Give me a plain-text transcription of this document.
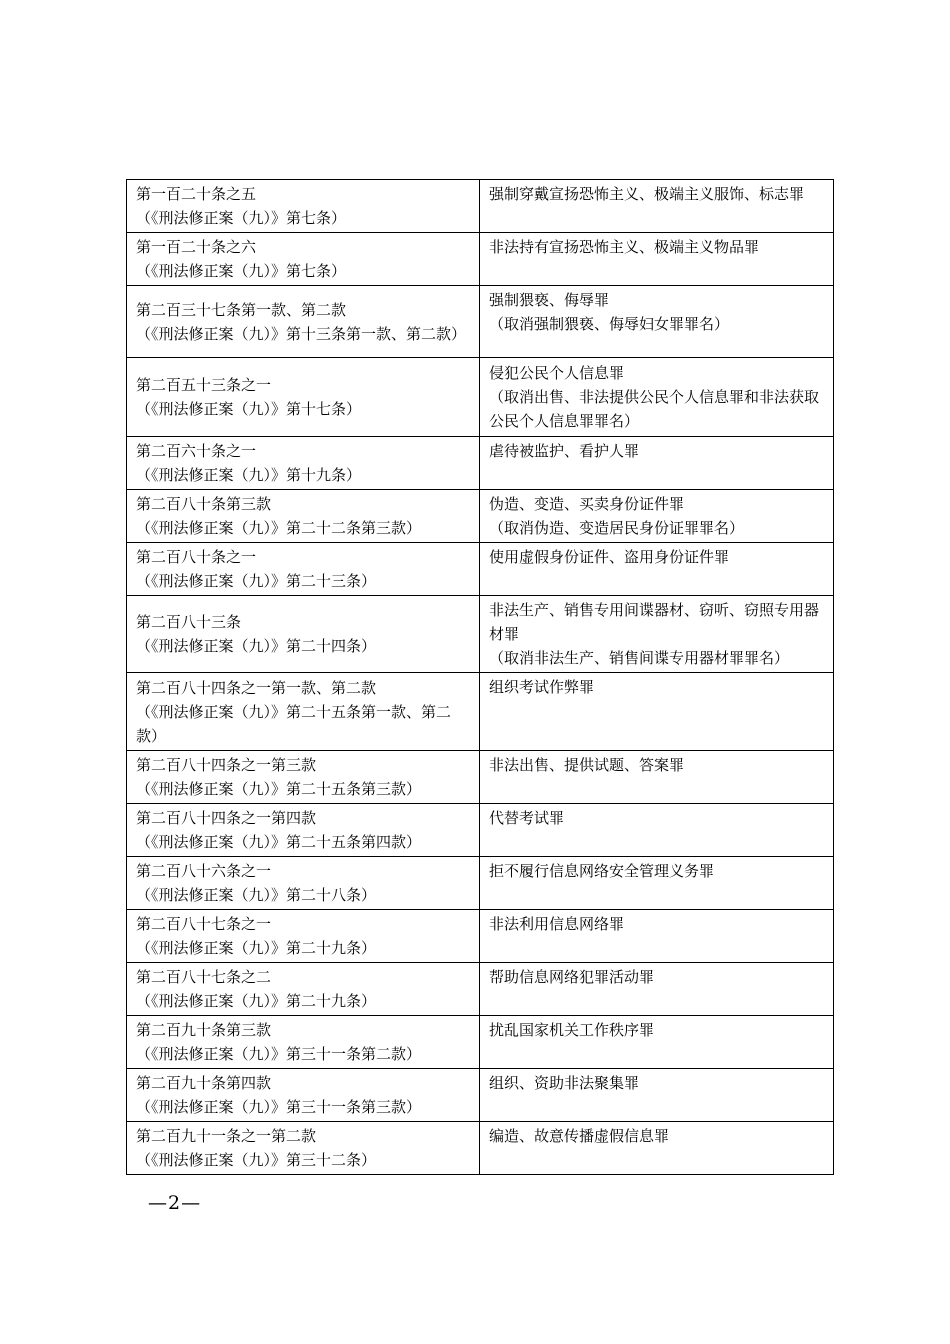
第一百二十条之五
（《刑法修正案（九）》第七条）	强制穿戴宣扬恐怖主义、极端主义服饰、标志罪

第一百二十条之六
（《刑法修正案（九）》第七条）	非法持有宣扬恐怖主义、极端主义物品罪

第二百三十七条第一款、第二款
（《刑法修正案（九）》第十三条第一款、第二款）	强制猥亵、侮辱罪
（取消强制猥亵、侮辱妇女罪罪名）

第二百五十三条之一
（《刑法修正案（九）》第十七条）	侵犯公民个人信息罪
（取消出售、非法提供公民个人信息罪和非法获取公民个人信息罪罪名）

第二百六十条之一
（《刑法修正案（九）》第十九条）	虐待被监护、看护人罪

第二百八十条第三款
（《刑法修正案（九）》第二十二条第三款）	伪造、变造、买卖身份证件罪
（取消伪造、变造居民身份证罪罪名）

第二百八十条之一
（《刑法修正案（九）》第二十三条）	使用虚假身份证件、盗用身份证件罪

第二百八十三条
（《刑法修正案（九）》第二十四条）	非法生产、销售专用间谍器材、窃听、窃照专用器材罪
（取消非法生产、销售间谍专用器材罪罪名）

第二百八十四条之一第一款、第二款
（《刑法修正案（九）》第二十五条第一款、第二款）	组织考试作弊罪

第二百八十四条之一第三款
（《刑法修正案（九）》第二十五条第三款）	非法出售、提供试题、答案罪

第二百八十四条之一第四款
（《刑法修正案（九）》第二十五条第四款）	代替考试罪

第二百八十六条之一
（《刑法修正案（九）》第二十八条）	拒不履行信息网络安全管理义务罪

第二百八十七条之一
（《刑法修正案（九）》第二十九条）	非法利用信息网络罪

第二百八十七条之二
（《刑法修正案（九）》第二十九条）	帮助信息网络犯罪活动罪

第二百九十条第三款
（《刑法修正案（九）》第三十一条第二款）	扰乱国家机关工作秩序罪

第二百九十条第四款
（《刑法修正案（九）》第三十一条第三款）	组织、资助非法聚集罪

第二百九十一条之一第二款
（《刑法修正案（九）》第三十二条）	编造、故意传播虚假信息罪
—2—
